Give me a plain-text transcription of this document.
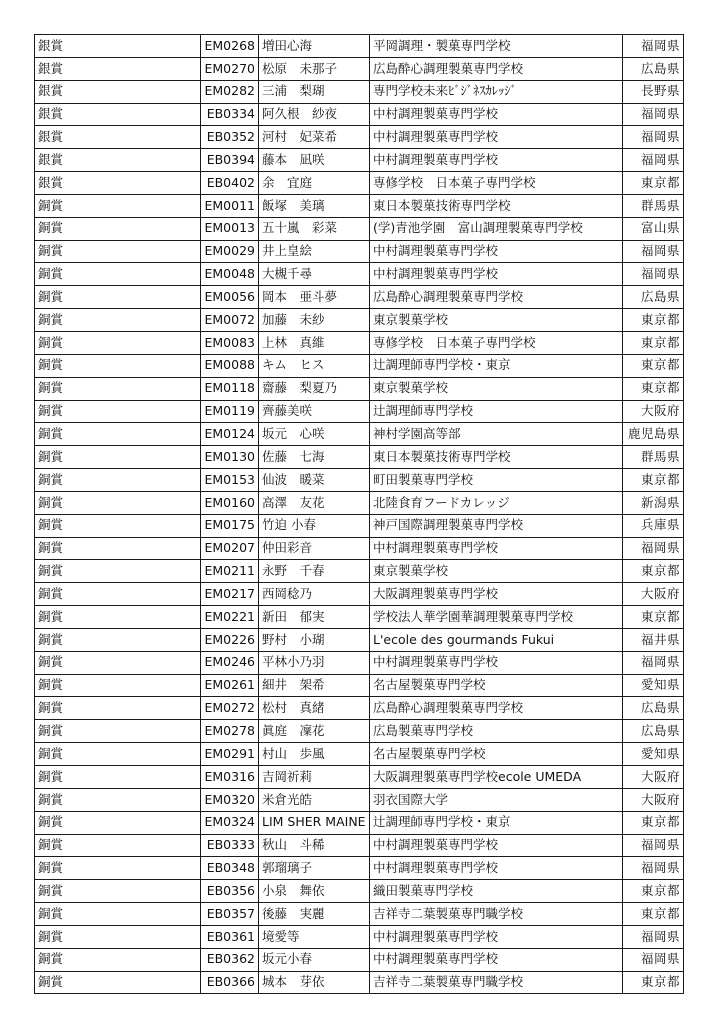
銀賞	EM0268	増田心海	平岡調理・製菓専門学校	福岡県
銀賞	EM0270	松原　未那子	広島酔心調理製菓専門学校	広島県
銀賞	EM0282	三浦　梨瑚	専門学校未来ﾋﾞｼﾞﾈｽｶﾚｯｼﾞ	長野県
銀賞	EB0334	阿久根　紗夜	中村調理製菓専門学校	福岡県
銀賞	EB0352	河村　妃菜希	中村調理製菓専門学校	福岡県
銀賞	EB0394	藤本　凪咲	中村調理製菓専門学校	福岡県
銀賞	EB0402	余　宜庭	専修学校　日本菓子専門学校	東京都
銅賞	EM0011	飯塚　美璃	東日本製菓技術専門学校	群馬県
銅賞	EM0013	五十嵐　彩菜	(学)青池学園　富山調理製菓専門学校	富山県
銅賞	EM0029	井上皇絵	中村調理製菓専門学校	福岡県
銅賞	EM0048	大槻千尋	中村調理製菓専門学校	福岡県
銅賞	EM0056	岡本　亜斗夢	広島酔心調理製菓専門学校	広島県
銅賞	EM0072	加藤　未紗	東京製菓学校	東京都
銅賞	EM0083	上林　真維	専修学校　日本菓子専門学校	東京都
銅賞	EM0088	キム　ヒス	辻調理師専門学校・東京	東京都
銅賞	EM0118	齋藤　梨夏乃	東京製菓学校	東京都
銅賞	EM0119	齊藤美咲	辻調理師専門学校	大阪府
銅賞	EM0124	坂元　心咲	神村学園高等部	鹿児島県
銅賞	EM0130	佐藤　七海	東日本製菓技術専門学校	群馬県
銅賞	EM0153	仙波　暖菜	町田製菓専門学校	東京都
銅賞	EM0160	高澤　友花	北陸食育フードカレッジ	新潟県
銅賞	EM0175	竹迫 小春	神戸国際調理製菓専門学校	兵庫県
銅賞	EM0207	仲田彩音	中村調理製菓専門学校	福岡県
銅賞	EM0211	永野　千春	東京製菓学校	東京都
銅賞	EM0217	西岡稔乃	大阪調理製菓専門学校	大阪府
銅賞	EM0221	新田　郁実	学校法人華学園華調理製菓専門学校	東京都
銅賞	EM0226	野村　小瑚	L'ecole des gourmands Fukui	福井県
銅賞	EM0246	平林小乃羽	中村調理製菓専門学校	福岡県
銅賞	EM0261	細井　架希	名古屋製菓専門学校	愛知県
銅賞	EM0272	松村　真緒	広島酔心調理製菓専門学校	広島県
銅賞	EM0278	眞庭　凜花	広島製菓専門学校	広島県
銅賞	EM0291	村山　歩風	名古屋製菓専門学校	愛知県
銅賞	EM0316	吉岡祈莉	大阪調理製菓専門学校ecole UMEDA	大阪府
銅賞	EM0320	米倉光皓	羽衣国際大学	大阪府
銅賞	EM0324	LIM SHER MAINE	辻調理師専門学校・東京	東京都
銅賞	EB0333	秋山　斗稀	中村調理製菓専門学校	福岡県
銅賞	EB0348	郭瑠璃子	中村調理製菓専門学校	福岡県
銅賞	EB0356	小泉　舞依	織田製菓専門学校	東京都
銅賞	EB0357	後藤　実麗	吉祥寺二葉製菓専門職学校	東京都
銅賞	EB0361	境愛等	中村調理製菓専門学校	福岡県
銅賞	EB0362	坂元小春	中村調理製菓専門学校	福岡県
銅賞	EB0366	城本　芽依	吉祥寺二葉製菓専門職学校	東京都
